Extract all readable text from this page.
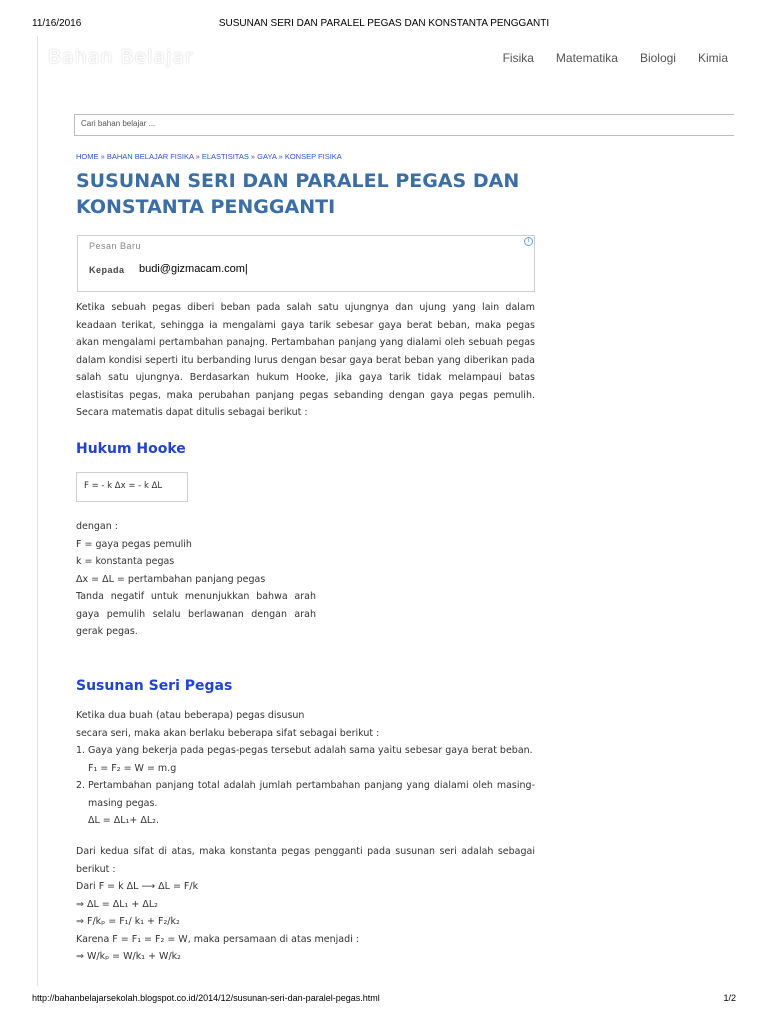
11/16/2016	SUSUNAN SERI DAN PARALEL PEGAS DAN KONSTANTA PENGGANTI
Bahan Belajar	Fisika Matematika Biologi Kimia
Cari bahan belajar ...
HOME » BAHAN BELAJAR FISIKA » ELASTISITAS » GAYA » KONSEP FISIKA
SUSUNAN SERI DAN PARALEL PEGAS DAN KONSTANTA PENGGANTI
Pesan Baru
Kepada budi@gizmacam.com|
i

Ketika sebuah pegas diberi beban pada salah satu ujungnya dan ujung yang lain dalam keadaan terikat, sehingga ia mengalami gaya tarik sebesar gaya berat beban, maka pegas akan mengalami pertambahan panajng. Pertambahan panjang yang dialami oleh sebuah pegas dalam kondisi seperti itu berbanding lurus dengan besar gaya berat beban yang diberikan pada salah satu ujungnya. Berdasarkan hukum Hooke, jika gaya tarik tidak melampaui batas elastisitas pegas, maka perubahan panjang pegas sebanding dengan gaya pegas pemulih. Secara matematis dapat ditulis sebagai berikut :

Hukum Hooke
F = - k Δx = - k ΔL
dengan :
F = gaya pegas pemulih
k = konstanta pegas
Δx = ΔL = pertambahan panjang pegas
Tanda negatif untuk menunjukkan bahwa arah gaya pemulih selalu berlawanan dengan arah gerak pegas.
Susunan Seri Pegas
Ketika dua buah (atau beberapa) pegas disusun
secara seri, maka akan berlaku beberapa sifat sebagai berikut :
1. Gaya yang bekerja pada pegas-pegas tersebut adalah sama yaitu sebesar gaya berat beban.
F₁ = F₂ = W = m.g
2. Pertambahan panjang total adalah jumlah pertambahan panjang yang dialami oleh masing-masing pegas.
ΔL = ΔL₁+ ΔL₂.
Dari kedua sifat di atas, maka konstanta pegas pengganti pada susunan seri adalah sebagai berikut :
Dari F = k ΔL ⟶ ΔL = F/k
⇒ ΔL = ΔL₁ + ΔL₂
⇒ F/kₚ = F₁/ k₁ + F₂/k₂
Karena F = F₁ = F₂ = W, maka persamaan di atas menjadi :
⇒ W/kₚ = W/k₁ + W/k₂
http://bahanbelajarsekolah.blogspot.co.id/2014/12/susunan-seri-dan-paralel-pegas.html	1/2
